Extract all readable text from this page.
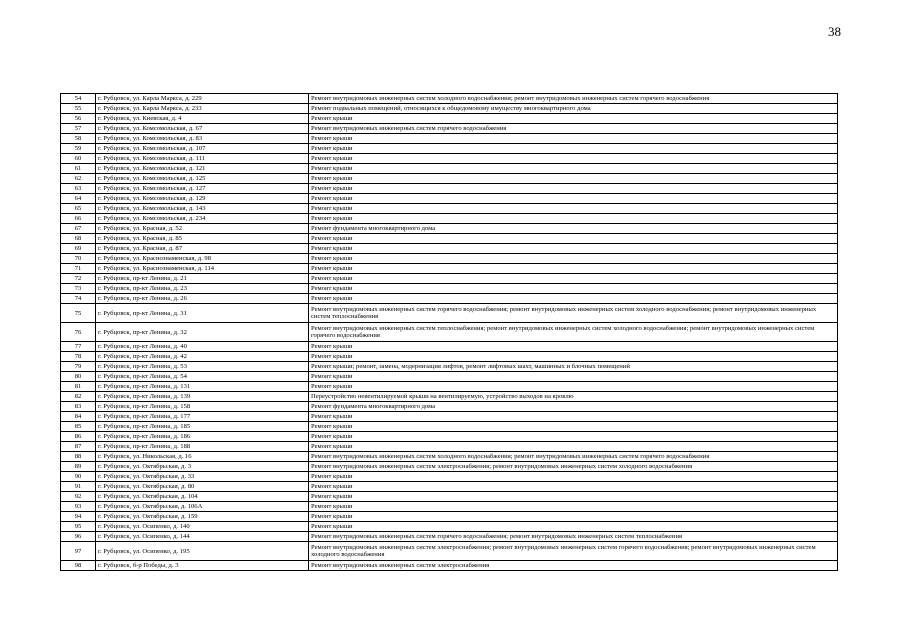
38
54	г. Рубцовск, ул. Карла Маркса, д. 229	Ремонт внутридомовых инженерных систем холодного водоснабжения; ремонт внутридомовых инженерных систем горячего водоснабжения
55	г. Рубцовск, ул. Карла Маркса, д. 233	Ремонт подвальных помещений, относящихся к общедомовому имуществу многоквартирного дома
56	г. Рубцовск, ул. Киевская, д. 4	Ремонт крыши
57	г. Рубцовск, ул. Комсомольская, д. 67	Ремонт внутридомовых инженерных систем горячего водоснабжения
58	г. Рубцовск, ул. Комсомольская, д. 83	Ремонт крыши
59	г. Рубцовск, ул. Комсомольская, д. 107	Ремонт крыши
60	г. Рубцовск, ул. Комсомольская, д. 111	Ремонт крыши
61	г. Рубцовск, ул. Комсомольская, д. 121	Ремонт крыши
62	г. Рубцовск, ул. Комсомольская, д. 125	Ремонт крыши
63	г. Рубцовск, ул. Комсомольская, д. 127	Ремонт крыши
64	г. Рубцовск, ул. Комсомольская, д. 129	Ремонт крыши
65	г. Рубцовск, ул. Комсомольская, д. 143	Ремонт крыши
66	г. Рубцовск, ул. Комсомольская, д. 234	Ремонт крыши
67	г. Рубцовск, ул. Красная, д. 52	Ремонт фундамента многоквартирного дома
68	г. Рубцовск, ул. Красная, д. 85	Ремонт крыши
69	г. Рубцовск, ул. Красная, д. 87	Ремонт крыши
70	г. Рубцовск, ул. Краснознаменская, д. 98	Ремонт крыши
71	г. Рубцовск, ул. Краснознаменская, д. 114	Ремонт крыши
72	г. Рубцовск, пр-кт Ленина, д. 21	Ремонт крыши
73	г. Рубцовск, пр-кт Ленина, д. 23	Ремонт крыши
74	г. Рубцовск, пр-кт Ленина, д. 26	Ремонт крыши
75	г. Рубцовск, пр-кт Ленина, д. 31	Ремонт внутридомовых инженерных систем горячего водоснабжения; ремонт внутридомовых инженерных систем холодного водоснабжения; ремонт внутридомовых инженерных систем теплоснабжения
76	г. Рубцовск, пр-кт Ленина, д. 32	Ремонт внутридомовых инженерных систем теплоснабжения; ремонт внутридомовых инженерных систем холодного водоснабжения; ремонт внутридомовых инженерных систем горячего водоснабжения
77	г. Рубцовск, пр-кт Ленина, д. 40	Ремонт крыши
78	г. Рубцовск, пр-кт Ленина, д. 42	Ремонт крыши
79	г. Рубцовск, пр-кт Ленина, д. 53	Ремонт крыши; ремонт, замена, модернизация лифтов, ремонт лифтовых шахт, машинных и блочных помещений
80	г. Рубцовск, пр-кт Ленина, д. 54	Ремонт крыши
81	г. Рубцовск, пр-кт Ленина, д. 131	Ремонт крыши
82	г. Рубцовск, пр-кт Ленина, д. 139	Переустройство невентилируемой крыши на вентилируемую, устройство выходов на кровлю
83	г. Рубцовск, пр-кт Ленина, д. 158	Ремонт фундамента многоквартирного дома
84	г. Рубцовск, пр-кт Ленина, д. 177	Ремонт крыши
85	г. Рубцовск, пр-кт Ленина, д. 185	Ремонт крыши
86	г. Рубцовск, пр-кт Ленина, д. 186	Ремонт крыши
87	г. Рубцовск, пр-кт Ленина, д. 188	Ремонт крыши
88	г. Рубцовск, ул. Никольская, д. 16	Ремонт внутридомовых инженерных систем холодного водоснабжения; ремонт внутридомовых инженерных систем горячего водоснабжения
89	г. Рубцовск, ул. Октябрьская, д. 3	Ремонт внутридомовых инженерных систем электроснабжения; ремонт внутридомовых инженерных систем холодного водоснабжения
90	г. Рубцовск, ул. Октябрьская, д. 33	Ремонт крыши
91	г. Рубцовск, ул. Октябрьская, д. 80	Ремонт крыши
92	г. Рубцовск, ул. Октябрьская, д. 104	Ремонт крыши
93	г. Рубцовск, ул. Октябрьская, д. 106А	Ремонт крыши
94	г. Рубцовск, ул. Октябрьская, д. 159	Ремонт крыши
95	г. Рубцовск, ул. Осипенко, д. 140	Ремонт крыши
96	г. Рубцовск, ул. Осипенко, д. 144	Ремонт внутридомовых инженерных систем горячего водоснабжения; ремонт внутридомовых инженерных систем теплоснабжения
97	г. Рубцовск, ул. Осипенко, д. 195	Ремонт внутридомовых инженерных систем электроснабжения; ремонт внутридомовых инженерных систем горячего водоснабжения; ремонт внутридомовых инженерных систем холодного водоснабжения
98	г. Рубцовск, б-р Победы, д. 3	Ремонт внутридомовых инженерных систем электроснабжения
